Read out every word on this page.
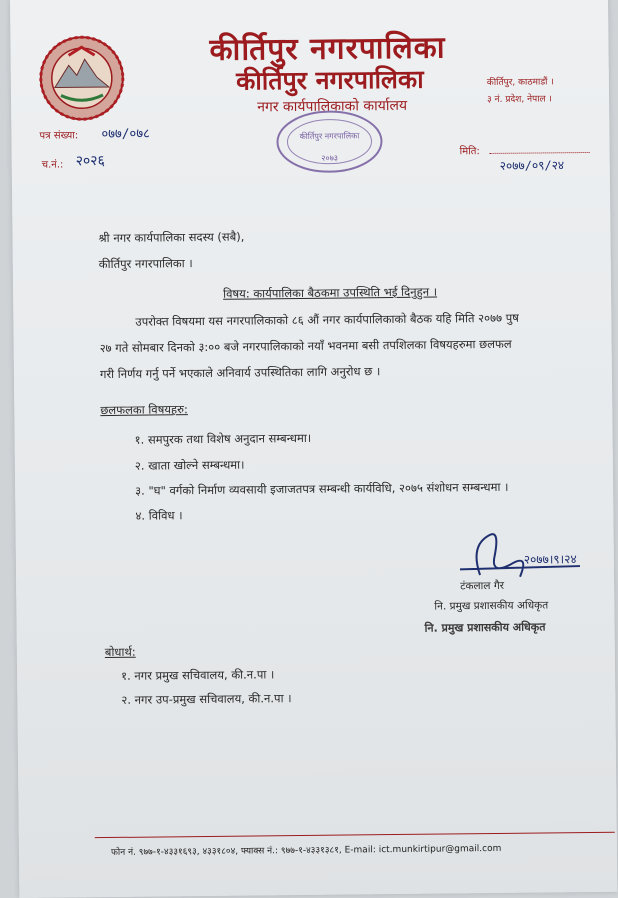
कीर्तिपुर नगरपालिका
कीर्तिपुर नगरपालिका
नगर कार्यपालिकाको कार्यालय
कीर्तिपुर, काठमाडौं ।
३ नं. प्रदेश, नेपाल ।
कीर्तिपुर नगरपालिका
२०७३
पत्र संख्या: ०७७/०७८
च.नं.: २०२६
मिति:
२०७७/०९/२४
श्री नगर कार्यपालिका सदस्य (सबै),
कीर्तिपुर नगरपालिका ।
विषय: कार्यपालिका बैठकमा उपस्थिति भई दिनुहुन ।
उपरोक्त विषयमा यस नगरपालिकाको ८६ औं नगर कार्यपालिकाको बैठक यहि मिति २०७७ पुष
२७ गते सोमबार दिनको ३:०० बजे नगरपालिकाको नयाँ भवनमा बसी तपशिलका विषयहरुमा छलफल
गरी निर्णय गर्नु पर्ने भएकाले अनिवार्य उपस्थितिका लागि अनुरोध छ ।
छलफलका विषयहरु:
१. समपुरक तथा विशेष अनुदान सम्बन्धमा।
२. खाता खोल्ने सम्बन्धमा।
३. "घ" वर्गको निर्माण व्यवसायी इजाजतपत्र सम्बन्धी कार्यविधि, २०७५ संशोधन सम्बन्धमा ।
४. विविध ।
२०७७।९।२४
टंकलाल गैर
नि. प्रमुख प्रशासकीय अधिकृत
नि. प्रमुख प्रशासकीय अधिकृत
बोधार्थ:
१. नगर प्रमुख सचिवालय, की.न.पा ।
२. नगर उप-प्रमुख सचिवालय, की.न.पा ।
फोन नं. ९७७-१-४३३१६९३, ४३३१८०४, फ्याक्स नं.: ९७७-१-४३३१३८१, E-mail: ict.munkirtipur@gmail.com
